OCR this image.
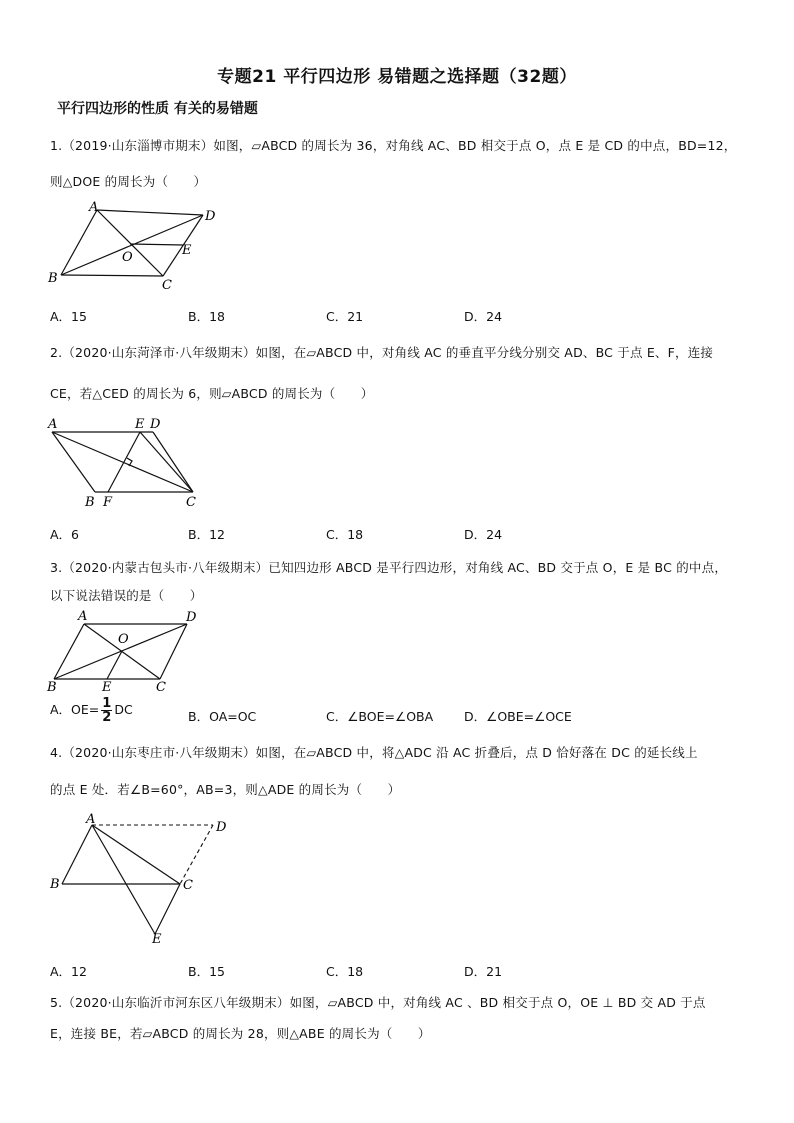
专题21 平行四边形 易错题之选择题（32题）
平行四边形的性质 有关的易错题
1.（2019·山东淄博市期末）如图，▱ABCD 的周长为 36，对角线 AC、BD 相交于点 O，点 E 是 CD 的中点，BD=12，
则△DOE 的周长为（　　）
A
D
E
O
B	C
A．15	B．18	C．21	D．24
2.（2020·山东菏泽市·八年级期末）如图，在▱ABCD 中，对角线 AC 的垂直平分线分别交 AD、BC 于点 E、F，连接
CE，若△CED 的周长为 6，则▱ABCD 的周长为（　　）
A	E D
B F	C
A．6	B．12	C．18	D．24
3.（2020·内蒙古包头市·八年级期末）已知四边形 ABCD 是平行四边形，对角线 AC、BD 交于点 O，E 是 BC 的中点，
以下说法错误的是（　　）
A	D
O
B	E	C
A．$OE= \frac{1}{2}$ DC	B．OA=OC	C．∠BOE=∠OBA D．∠OBE=∠OCE
4.（2020·山东枣庄市·八年级期末）如图，在▱ABCD 中，将△ADC 沿 AC 折叠后，点 D 恰好落在 DC 的延长线上
的点 E 处．若∠B=60°，AB=3，则△ADE 的周长为（　　）
A
D
B	C
E
A．12	B．15	C．18	D．21
5.（2020·山东临沂市河东区八年级期末）如图，▱ABCD 中，对角线 AC 、BD 相交于点 O，OE ⊥ BD 交 AD 于点
E，连接 BE，若▱ABCD 的周长为 28，则△ABE 的周长为（　　）
